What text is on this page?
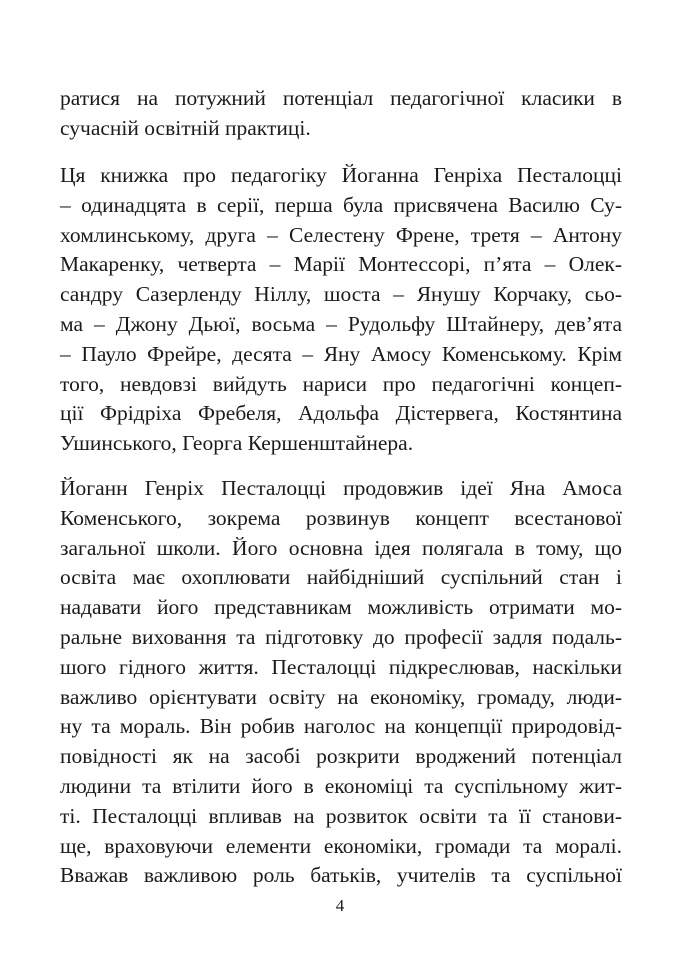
ратися на потужний потенціал педагогічної класики в
сучасній освітній практиці.
Ця книжка про педагогіку Йоганна Генріха Песталоцці
– одинадцята в серії, перша була присвячена Василю Су-
хомлинському, друга – Селестену Френе, третя – Антону
Макаренку, четверта – Марії Монтессорі, п’ята – Олек-
сандру Сазерленду Ніллу, шоста – Янушу Корчаку, сьо-
ма – Джону Дьюї, восьма – Рудольфу Штайнеру, дев’ята
– Пауло Фрейре, десята – Яну Амосу Коменському. Крім
того, невдовзі вийдуть нариси про педагогічні концеп-
ції Фрідріха Фребеля, Адольфа Дістервега, Костянтина
Ушинського, Георга Кершенштайнера.
Йоганн Генріх Песталоцці продовжив ідеї Яна Амоса
Коменського, зокрема розвинув концепт всестанової
загальної школи. Його основна ідея полягала в тому, що
освіта має охоплювати найбідніший суспільний стан і
надавати його представникам можливість отримати мо-
ральне виховання та підготовку до професії задля подаль-
шого гідного життя. Песталоцці підкреслював, наскільки
важливо орієнтувати освіту на економіку, громаду, люди-
ну та мораль. Він робив наголос на концепції природовід-
повідності як на засобі розкрити вроджений потенціал
людини та втілити його в економіці та суспільному жит-
ті. Песталоцці впливав на розвиток освіти та її станови-
ще, враховуючи елементи економіки, громади та моралі.
Вважав важливою роль батьків, учителів та суспільної
4
